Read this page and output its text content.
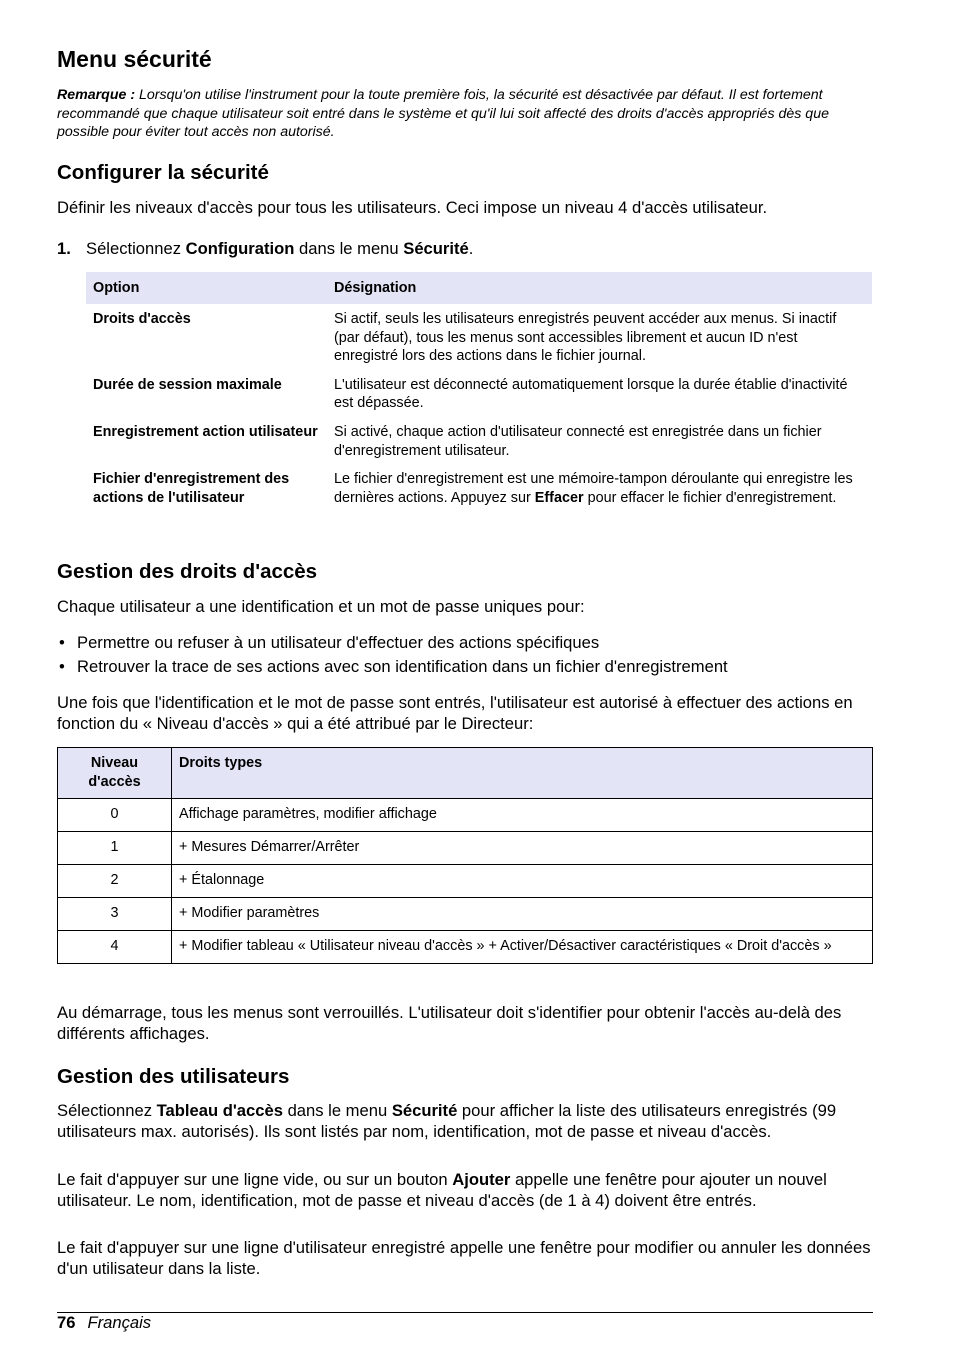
Menu sécurité
Remarque : Lorsqu'on utilise l'instrument pour la toute première fois, la sécurité est désactivée par défaut. Il est fortement recommandé que chaque utilisateur soit entré dans le système et qu'il lui soit affecté des droits d'accès appropriés dès que possible pour éviter tout accès non autorisé.
Configurer la sécurité

Définir les niveaux d'accès pour tous les utilisateurs. Ceci impose un niveau 4 d'accès utilisateur.

1. Sélectionnez Configuration dans le menu Sécurité.
Option	Désignation
Droits d'accès	Si actif, seuls les utilisateurs enregistrés peuvent accéder aux menus. Si inactif (par défaut), tous les menus sont accessibles librement et aucun ID n'est enregistré lors des actions dans le fichier journal.
Durée de session maximale	L'utilisateur est déconnecté automatiquement lorsque la durée établie d'inactivité est dépassée.
Enregistrement action utilisateur	Si activé, chaque action d'utilisateur connecté est enregistrée dans un fichier d'enregistrement utilisateur.
Fichier d'enregistrement des actions de l'utilisateur	Le fichier d'enregistrement est une mémoire-tampon déroulante qui enregistre les dernières actions. Appuyez sur Effacer pour effacer le fichier d'enregistrement.
Gestion des droits d'accès

Chaque utilisateur a une identification et un mot de passe uniques pour:

• Permettre ou refuser à un utilisateur d'effectuer des actions spécifiques
• Retrouver la trace de ses actions avec son identification dans un fichier d'enregistrement

Une fois que l'identification et le mot de passe sont entrés, l'utilisateur est autorisé à effectuer des actions en fonction du « Niveau d'accès » qui a été attribué par le Directeur:

Niveau d'accès	Droits types
0	Affichage paramètres, modifier affichage
1	+ Mesures Démarrer/Arrêter
2	+ Étalonnage
3	+ Modifier paramètres
4	+ Modifier tableau « Utilisateur niveau d'accès » + Activer/Désactiver caractéristiques « Droit d'accès »

Au démarrage, tous les menus sont verrouillés. L'utilisateur doit s'identifier pour obtenir l'accès au-delà des différents affichages.

Gestion des utilisateurs

Sélectionnez Tableau d'accès dans le menu Sécurité pour afficher la liste des utilisateurs enregistrés (99 utilisateurs max. autorisés). Ils sont listés par nom, identification, mot de passe et niveau d'accès.

Le fait d'appuyer sur une ligne vide, ou sur un bouton Ajouter appelle une fenêtre pour ajouter un nouvel utilisateur. Le nom, identification, mot de passe et niveau d'accès (de 1 à 4) doivent être entrés.

Le fait d'appuyer sur une ligne d'utilisateur enregistré appelle une fenêtre pour modifier ou annuler les données d'un utilisateur dans la liste.

76 Français
